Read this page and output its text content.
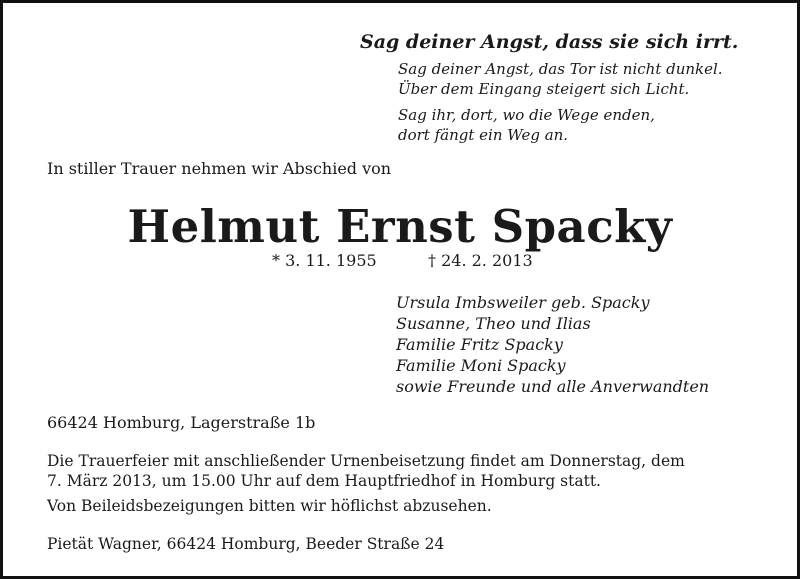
Sag deiner Angst, dass sie sich irrt.
Sag deiner Angst, das Tor ist nicht dunkel.
Über dem Eingang steigert sich Licht.
Sag ihr, dort, wo die Wege enden,
dort fängt ein Weg an.
In stiller Trauer nehmen wir Abschied von
Helmut Ernst Spacky
* 3. 11. 1955	† 24. 2. 2013
Ursula Imbsweiler geb. Spacky
Susanne, Theo und Ilias
Familie Fritz Spacky
Familie Moni Spacky
sowie Freunde und alle Anverwandten
66424 Homburg, Lagerstraße 1b
Die Trauerfeier mit anschließender Urnenbeisetzung findet am Donnerstag, dem
7. März 2013, um 15.00 Uhr auf dem Hauptfriedhof in Homburg statt.
Von Beileidsbezeigungen bitten wir höflichst abzusehen.
Pietät Wagner, 66424 Homburg, Beeder Straße 24
